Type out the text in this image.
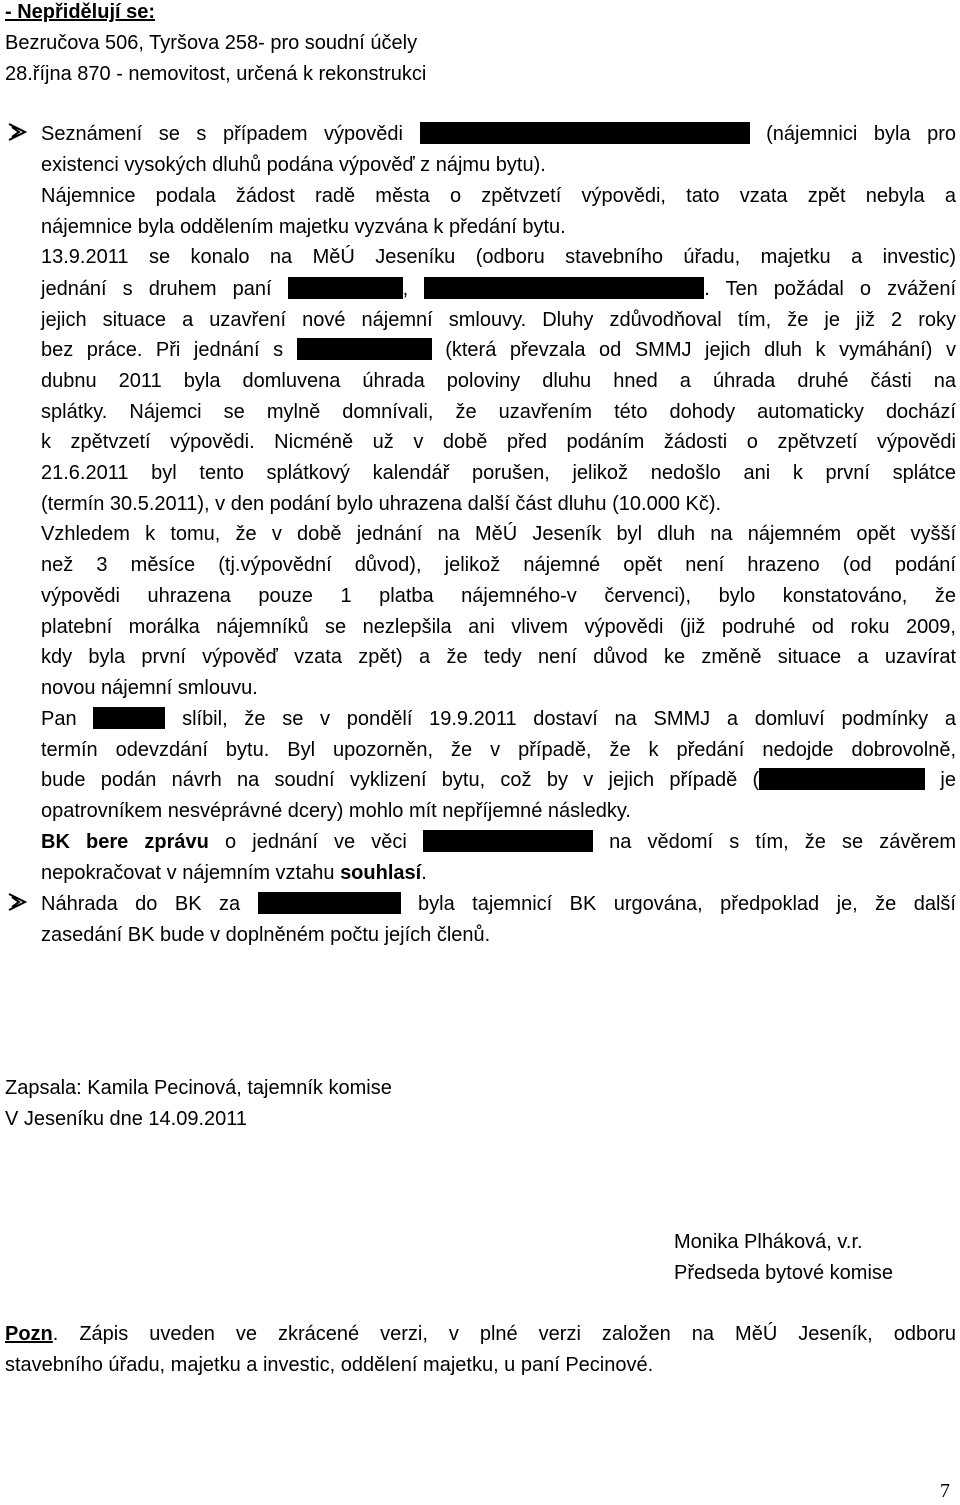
- Nepřidělují se:
Bezručova 506, Tyršova 258- pro soudní účely
28.října 870 - nemovitost, určená k rekonstrukci
Seznámení se s případem výpovědi	(nájemnici byla pro
existenci vysokých dluhů podána výpověď z nájmu bytu).
Nájemnice podala žádost radě města o zpětvzetí výpovědi, tato vzata zpět nebyla a
nájemnice byla oddělením majetku vyzvána k předání bytu.
13.9.2011 se konalo na MěÚ Jeseníku (odboru stavebního úřadu, majetku a investic)
jednání s druhem paní	,	. Ten požádal o zvážení
jejich situace a uzavření nové nájemní smlouvy. Dluhy zdůvodňoval tím, že je již 2 roky
bez práce. Při jednání s	(která převzala od SMMJ jejich dluh k vymáhání) v
dubnu 2011 byla domluvena úhrada poloviny dluhu hned a úhrada druhé části na
splátky. Nájemci se mylně domnívali, že uzavřením této dohody automaticky dochází
k zpětvzetí výpovědi. Nicméně už v době před podáním žádosti o zpětvzetí výpovědi
21.6.2011 byl tento splátkový kalendář porušen, jelikož nedošlo ani k první splátce
(termín 30.5.2011), v den podání bylo uhrazena další část dluhu (10.000 Kč).
Vzhledem k tomu, že v době jednání na MěÚ Jeseník byl dluh na nájemném opět vyšší
než 3 měsíce (tj.výpovědní důvod), jelikož nájemné opět není hrazeno (od podání
výpovědi uhrazena pouze 1 platba nájemného-v červenci), bylo konstatováno, že
platební morálka nájemníků se nezlepšila ani vlivem výpovědi (již podruhé od roku 2009,
kdy byla první výpověď vzata zpět) a že tedy není důvod ke změně situace a uzavírat
novou nájemní smlouvu.
Pan	slíbil, že se v pondělí 19.9.2011 dostaví na SMMJ a domluví podmínky a
termín odevzdání bytu. Byl upozorněn, že v případě, že k předání nedojde dobrovolně,
bude podán návrh na soudní vyklizení bytu, což by v jejich případě (	je
opatrovníkem nesvéprávné dcery) mohlo mít nepříjemné následky.
BK bere zprávu o jednání ve věci	na vědomí s tím, že se závěrem
nepokračovat v nájemním vztahu souhlasí.
Náhrada do BK za	byla tajemnicí BK urgována, předpoklad je, že další
zasedání BK bude v doplněném počtu jejích členů.
Zapsala: Kamila Pecinová, tajemník komise
V Jeseníku dne 14.09.2011
Monika Plháková, v.r.
Předseda bytové komise
Pozn. Zápis uveden ve zkrácené verzi, v plné verzi založen na MěÚ Jeseník, odboru
stavebního úřadu, majetku a investic, oddělení majetku, u paní Pecinové.
7
